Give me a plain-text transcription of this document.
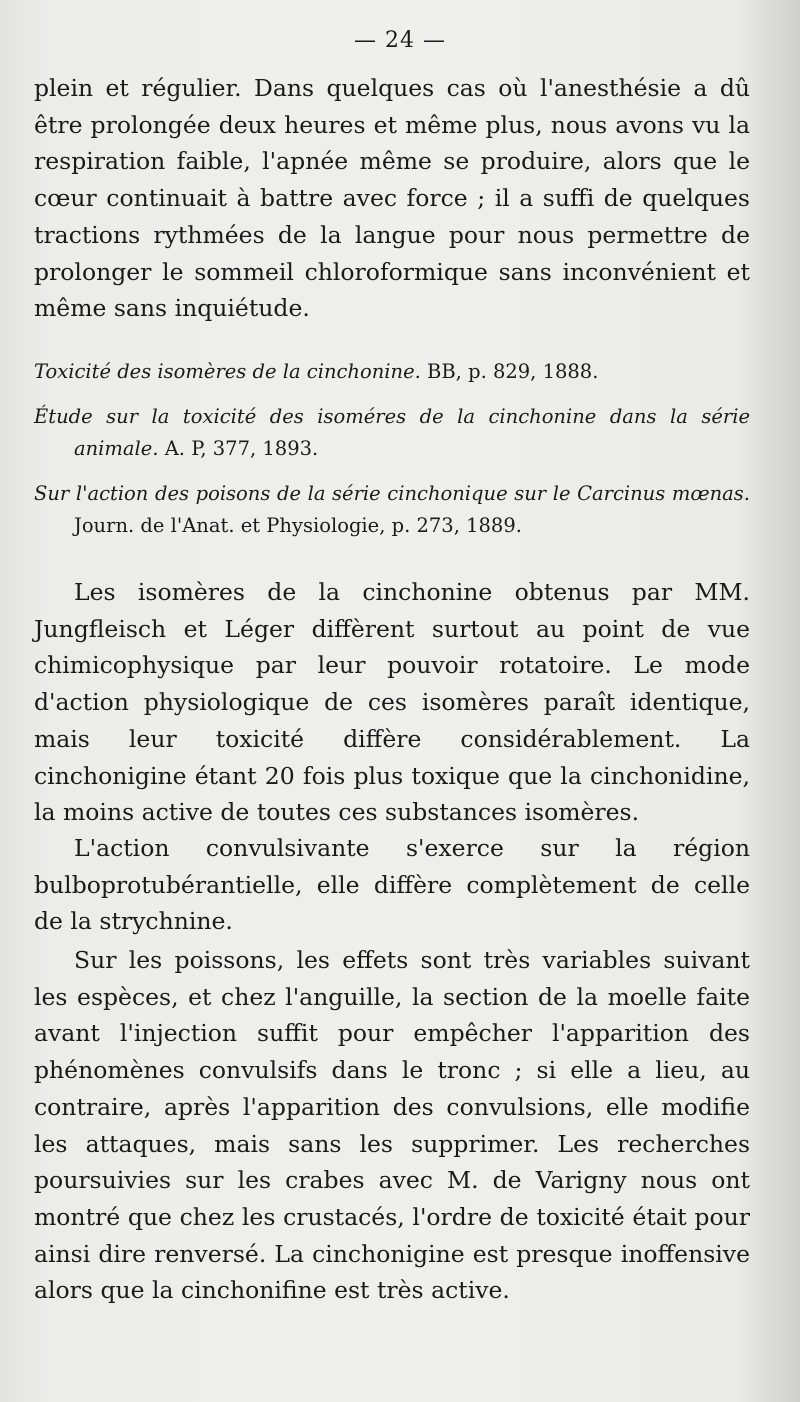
— 24 —

plein et régulier. Dans quelques cas où l'anesthésie a dû être prolongée deux heures et même plus, nous avons vu la respiration faible, l'apnée même se produire, alors que le cœur continuait à battre avec force ; il a suffi de quelques tractions rythmées de la langue pour nous permettre de prolonger le sommeil chloroformique sans inconvénient et même sans inquiétude.

Toxicité des isomères de la cinchonine. BB, p. 829, 1888.

Étude sur la toxicité des isoméres de la cinchonine dans la série animale. A. P, 377, 1893.

Sur l'action des poisons de la série cinchonique sur le Carcinus mœnas. Journ. de l'Anat. et Physiologie, p. 273, 1889.

Les isomères de la cinchonine obtenus par MM. Jungfleisch et Léger diffèrent surtout au point de vue chimicophysique par leur pouvoir rotatoire. Le mode d'action physiologique de ces isomères paraît identique, mais leur toxicité diffère considérablement. La cinchonigine étant 20 fois plus toxique que la cinchonidine, la moins active de toutes ces substances isomères.

L'action convulsivante s'exerce sur la région bulboprotubérantielle, elle diffère complètement de celle de la strychnine.

Sur les poissons, les effets sont très variables suivant les espèces, et chez l'anguille, la section de la moelle faite avant l'injection suffit pour empêcher l'apparition des phénomènes convulsifs dans le tronc ; si elle a lieu, au contraire, après l'apparition des convulsions, elle modifie les attaques, mais sans les supprimer. Les recherches poursuivies sur les crabes avec M. de Varigny nous ont montré que chez les crustacés, l'ordre de toxicité était pour ainsi dire renversé. La cinchonigine est presque inoffensive alors que la cinchonifine est très active.
